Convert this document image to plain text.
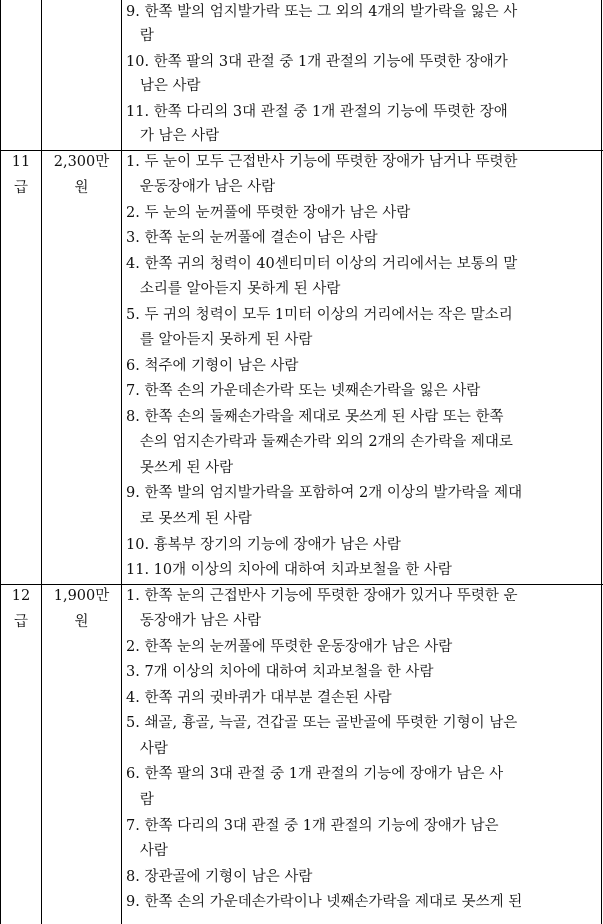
9. 한쪽 발의 엄지발가락 또는 그 외의 4개의 발가락을 잃은 사
람
10. 한쪽 팔의 3대 관절 중 1개 관절의 기능에 뚜렷한 장애가
남은 사람
11. 한쪽 다리의 3대 관절 중 1개 관절의 기능에 뚜렷한 장애
가 남은 사람
11
급
2,300만
원
1. 두 눈이 모두 근접반사 기능에 뚜렷한 장애가 남거나 뚜렷한
운동장애가 남은 사람
2. 두 눈의 눈꺼풀에 뚜렷한 장애가 남은 사람
3. 한쪽 눈의 눈꺼풀에 결손이 남은 사람
4. 한쪽 귀의 청력이 40센티미터 이상의 거리에서는 보통의 말
소리를 알아듣지 못하게 된 사람
5. 두 귀의 청력이 모두 1미터 이상의 거리에서는 작은 말소리
를 알아듣지 못하게 된 사람
6. 척주에 기형이 남은 사람
7. 한쪽 손의 가운데손가락 또는 넷째손가락을 잃은 사람
8. 한쪽 손의 둘째손가락을 제대로 못쓰게 된 사람 또는 한쪽
손의 엄지손가락과 둘째손가락 외의 2개의 손가락을 제대로
못쓰게 된 사람
9. 한쪽 발의 엄지발가락을 포함하여 2개 이상의 발가락을 제대
로 못쓰게 된 사람
10. 흉복부 장기의 기능에 장애가 남은 사람
11. 10개 이상의 치아에 대하여 치과보철을 한 사람
12
급
1,900만
원
1. 한쪽 눈의 근접반사 기능에 뚜렷한 장애가 있거나 뚜렷한 운
동장애가 남은 사람
2. 한쪽 눈의 눈꺼풀에 뚜렷한 운동장애가 남은 사람
3. 7개 이상의 치아에 대하여 치과보철을 한 사람
4. 한쪽 귀의 귓바퀴가 대부분 결손된 사람
5. 쇄골, 흉골, 늑골, 견갑골 또는 골반골에 뚜렷한 기형이 남은
사람
6. 한쪽 팔의 3대 관절 중 1개 관절의 기능에 장애가 남은 사
람
7. 한쪽 다리의 3대 관절 중 1개 관절의 기능에 장애가 남은
사람
8. 장관골에 기형이 남은 사람
9. 한쪽 손의 가운데손가락이나 넷째손가락을 제대로 못쓰게 된
